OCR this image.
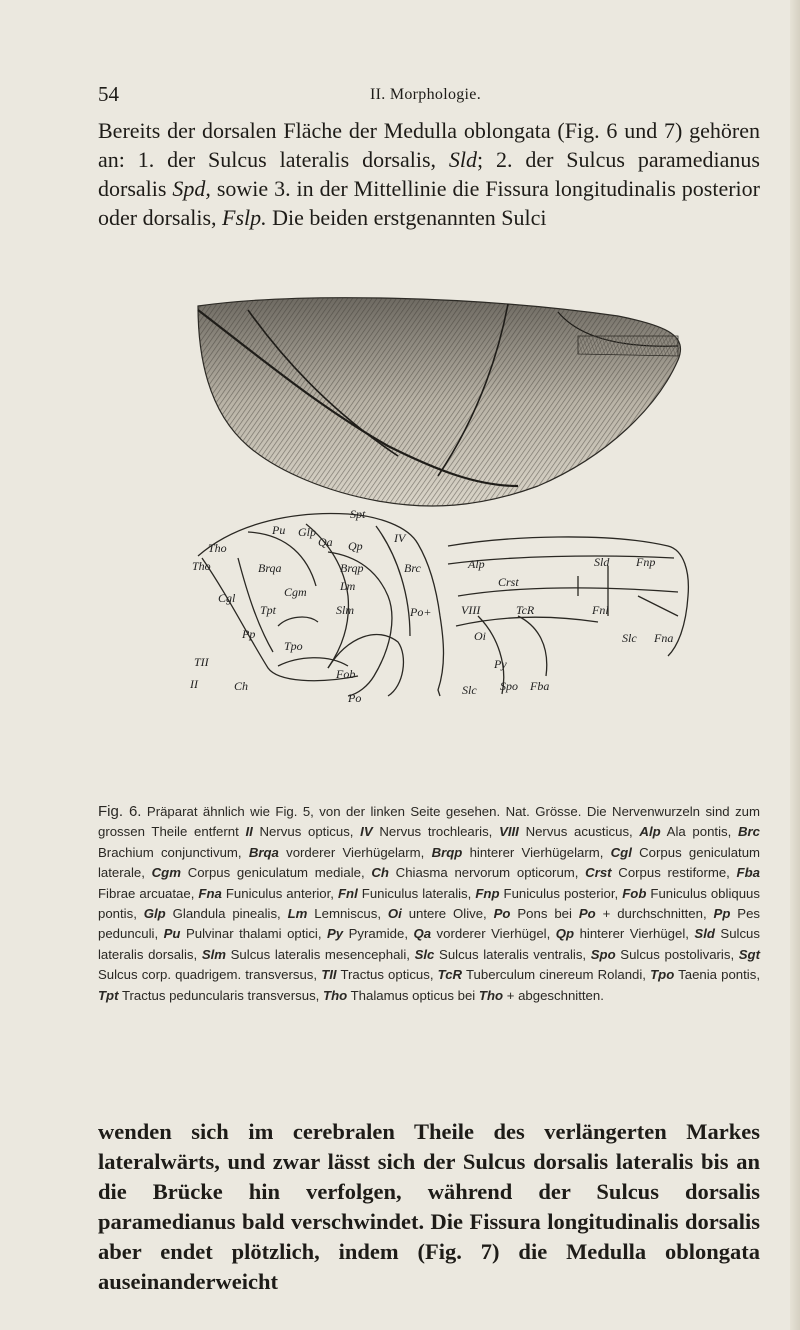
54	II. Morphologie.

Bereits der dorsalen Fläche der Medulla oblongata (Fig. 6 und 7) gehören an: 1. der Sulcus lateralis dorsalis, Sld; 2. der Sulcus paramedianus dorsalis Spd, sowie 3. in der Mittellinie die Fissura longitudinalis posterior oder dorsalis, Fslp. Die beiden erstgenannten Sulci

Spt
Pu Glp
Qa Qp
IV
Tho
Tho	Brqa	Brqp	Brc	Alp	Sld Fnp
Crst
Lm
Cgl	Cgm
Tpt	Slm	Po+ VIII	TcR	Fnl
Pp
Tpo
Oi	Slc Fna
TII
II	Ch
Fob
Po
Py
Slc Spo Fba

Fig. 6. Präparat ähnlich wie Fig. 5, von der linken Seite gesehen. Nat. Grösse. Die Nervenwurzeln sind zum grossen Theile entfernt II Nervus opticus, IV Nervus trochlearis, VIII Nervus acusticus, Alp Ala pontis, Brc Brachium conjunctivum, Brqa vorderer Vierhügelarm, Brqp hinterer Vierhügelarm, Cgl Corpus geniculatum laterale, Cgm Corpus geniculatum mediale, Ch Chiasma nervorum opticorum, Crst Corpus restiforme, Fba Fibrae arcuatae, Fna Funiculus anterior, Fnl Funiculus lateralis, Fnp Funiculus posterior, Fob Funiculus obliquus pontis, Glp Glandula pinealis, Lm Lemniscus, Oi untere Olive, Po Pons bei Po + durchschnitten, Pp Pes pedunculi, Pu Pulvinar thalami optici, Py Pyramide, Qa vorderer Vierhügel, Qp hinterer Vierhügel, Sld Sulcus lateralis dorsalis, Slm Sulcus lateralis mesencephali, Slc Sulcus lateralis ventralis, Spo Sulcus postolivaris, Sgt Sulcus corp. quadrigem. transversus, TII Tractus opticus, TcR Tuberculum cinereum Rolandi, Tpo Taenia pontis, Tpt Tractus peduncularis transversus, Tho Thalamus opticus bei Tho + abgeschnitten.

wenden sich im cerebralen Theile des verlängerten Markes lateralwärts, und zwar lässt sich der Sulcus dorsalis lateralis bis an die Brücke hin verfolgen, während der Sulcus dorsalis paramedianus bald verschwindet. Die Fissura longitudinalis dorsalis aber endet plötzlich, indem (Fig. 7) die Medulla oblongata auseinanderweicht
